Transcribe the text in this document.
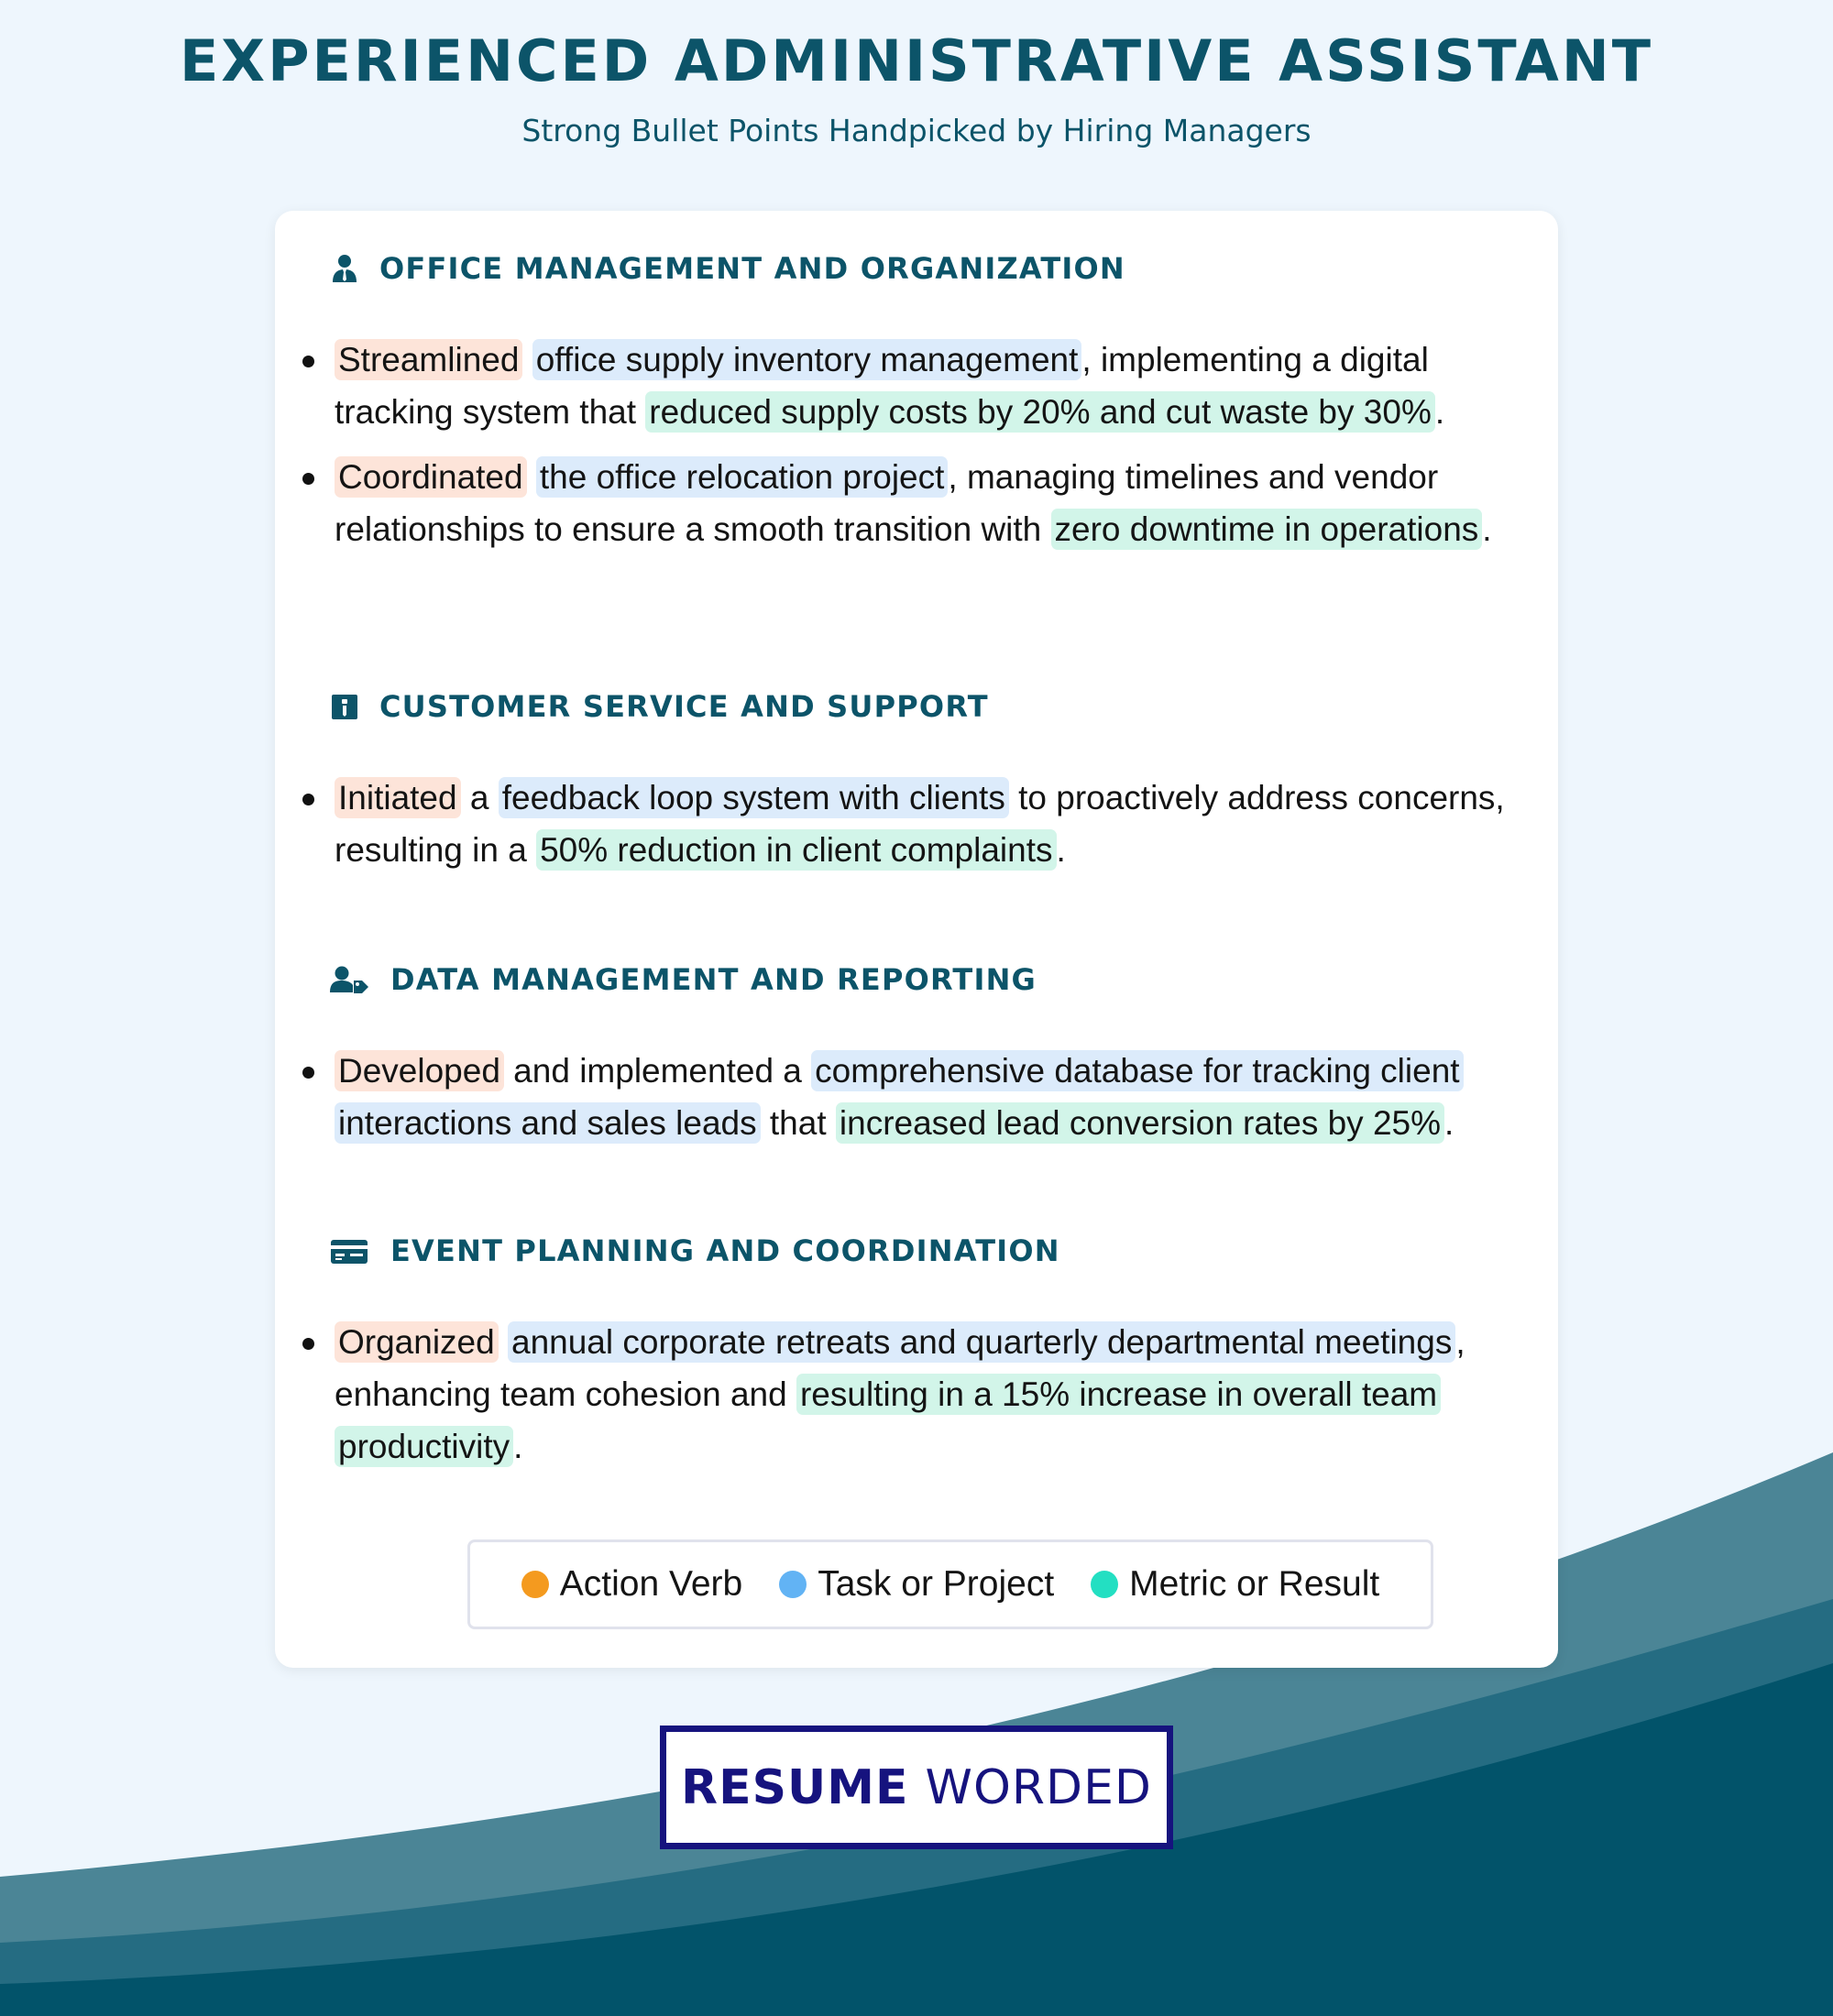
EXPERIENCED ADMINISTRATIVE ASSISTANT
Strong Bullet Points Handpicked by Hiring Managers
OFFICE MANAGEMENT AND ORGANIZATION
Streamlined office supply inventory management , implementing a digital tracking system that reduced supply costs by 20% and cut waste by 30% .
Coordinated the office relocation project , managing timelines and vendor relationships to ensure a smooth transition with zero downtime in operations .
CUSTOMER SERVICE AND SUPPORT
Initiated a feedback loop system with clients to proactively address concerns, resulting in a 50% reduction in client complaints .
DATA MANAGEMENT AND REPORTING
Developed and implemented a comprehensive database for tracking client interactions and sales leads that increased lead conversion rates by 25% .
EVENT PLANNING AND COORDINATION
Organized annual corporate retreats and quarterly departmental meetings , enhancing team cohesion and resulting in a 15% increase in overall team productivity .
Action Verb Task or Project Metric or Result
RESUME WORDED
